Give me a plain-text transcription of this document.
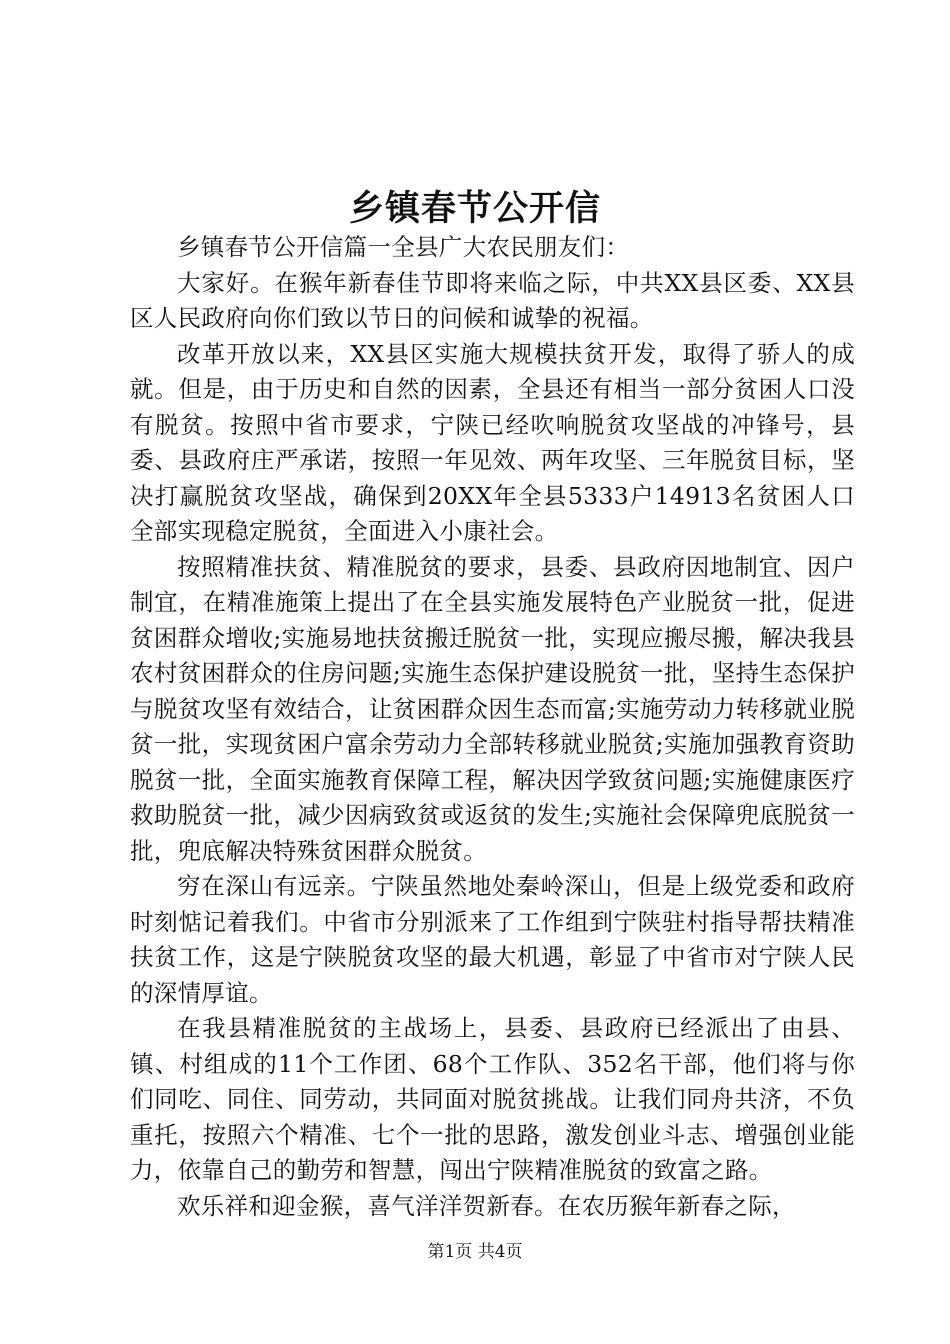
乡镇春节公开信

乡镇春节公开信篇一全县广大农民朋友们：

大家好。在猴年新春佳节即将来临之际，中共XX县区委、XX县区人民政府向你们致以节日的问候和诚挚的祝福。

改革开放以来，XX县区实施大规模扶贫开发，取得了骄人的成就。但是，由于历史和自然的因素，全县还有相当一部分贫困人口没有脱贫。按照中省市要求，宁陕已经吹响脱贫攻坚战的冲锋号，县委、县政府庄严承诺，按照一年见效、两年攻坚、三年脱贫目标，坚决打赢脱贫攻坚战，确保到20XX年全县5333户14913名贫困人口全部实现稳定脱贫，全面进入小康社会。

按照精准扶贫、精准脱贫的要求，县委、县政府因地制宜、因户制宜，在精准施策上提出了在全县实施发展特色产业脱贫一批，促进贫困群众增收;实施易地扶贫搬迁脱贫一批，实现应搬尽搬，解决我县农村贫困群众的住房问题;实施生态保护建设脱贫一批，坚持生态保护与脱贫攻坚有效结合，让贫困群众因生态而富;实施劳动力转移就业脱贫一批，实现贫困户富余劳动力全部转移就业脱贫;实施加强教育资助脱贫一批，全面实施教育保障工程，解决因学致贫问题;实施健康医疗救助脱贫一批，减少因病致贫或返贫的发生;实施社会保障兜底脱贫一批，兜底解决特殊贫困群众脱贫。

穷在深山有远亲。宁陕虽然地处秦岭深山，但是上级党委和政府时刻惦记着我们。中省市分别派来了工作组到宁陕驻村指导帮扶精准扶贫工作，这是宁陕脱贫攻坚的最大机遇，彰显了中省市对宁陕人民的深情厚谊。

在我县精准脱贫的主战场上，县委、县政府已经派出了由县、镇、村组成的11个工作团、68个工作队、352名干部，他们将与你们同吃、同住、同劳动，共同面对脱贫挑战。让我们同舟共济，不负重托，按照六个精准、七个一批的思路，激发创业斗志、增强创业能力，依靠自己的勤劳和智慧，闯出宁陕精准脱贫的致富之路。

欢乐祥和迎金猴，喜气洋洋贺新春。在农历猴年新春之际，

第1页 共4页
